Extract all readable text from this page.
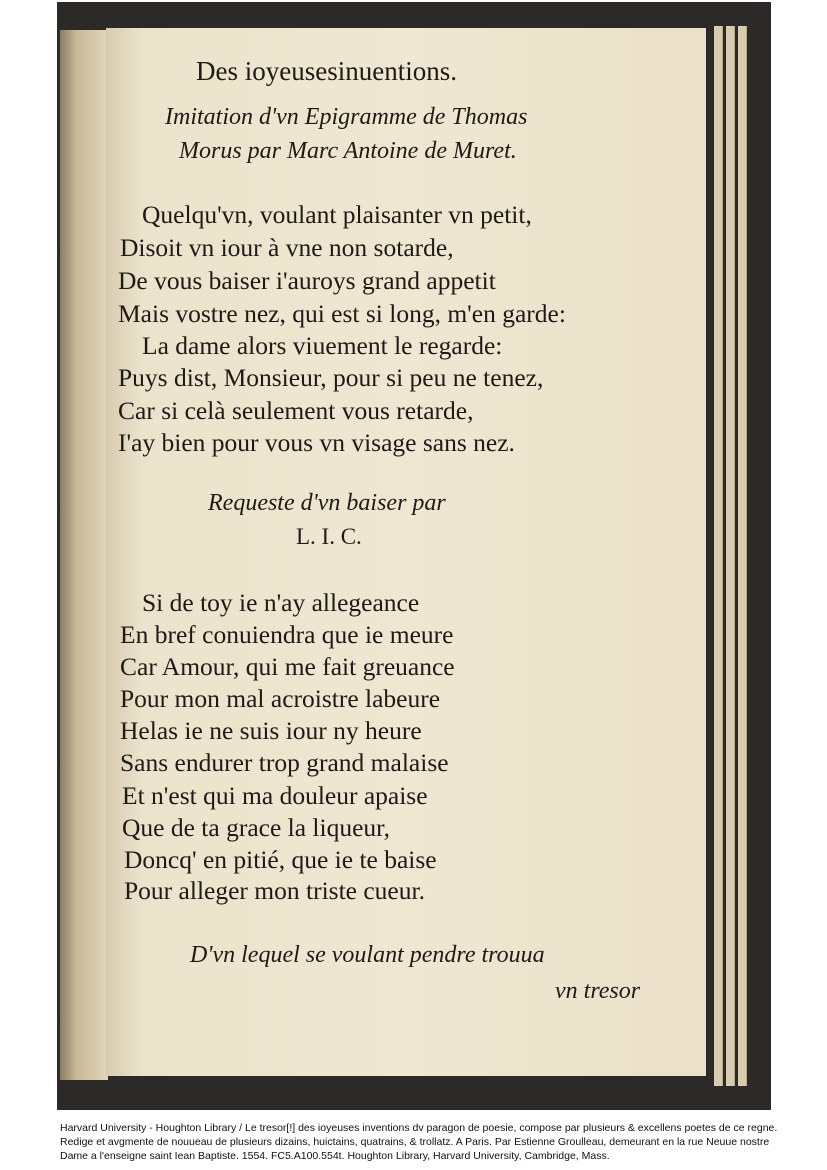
Des ioyeusesinuentions.
Imitation d'vn Epigramme de Thomas
Morus par Marc Antoine de Muret.
Quelqu'vn, voulant plaisanter vn petit,
Disoit vn iour à vne non sotarde,
De vous baiser i'auroys grand appetit
Mais vostre nez, qui est si long, m'en garde:
La dame alors viuement le regarde:
Puys dist, Monsieur, pour si peu ne tenez,
Car si celà seulement vous retarde,
I'ay bien pour vous vn visage sans nez.
Requeste d'vn baiser par
L. I. C.
Si de toy ie n'ay allegeance
En bref conuiendra que ie meure
Car Amour, qui me fait greuance
Pour mon mal acroistre labeure
Helas ie ne suis iour ny heure
Sans endurer trop grand malaise
Et n'est qui ma douleur apaise
Que de ta grace la liqueur,
Doncq' en pitié, que ie te baise
Pour alleger mon triste cueur.
D'vn lequel se voulant pendre trouua
vn tresor
Harvard University - Houghton Library / Le tresor[!] des ioyeuses inventions dv paragon de poesie, compose par plusieurs & excellens poetes de ce regne.
Redige et avgmente de nouueau de plusieurs dizains, huictains, quatrains, & trollatz. A Paris. Par Estienne Groulleau, demeurant en la rue Neuue nostre
Dame a l'enseigne saint Iean Baptiste. 1554. FC5.A100.554t. Houghton Library, Harvard University, Cambridge, Mass.
